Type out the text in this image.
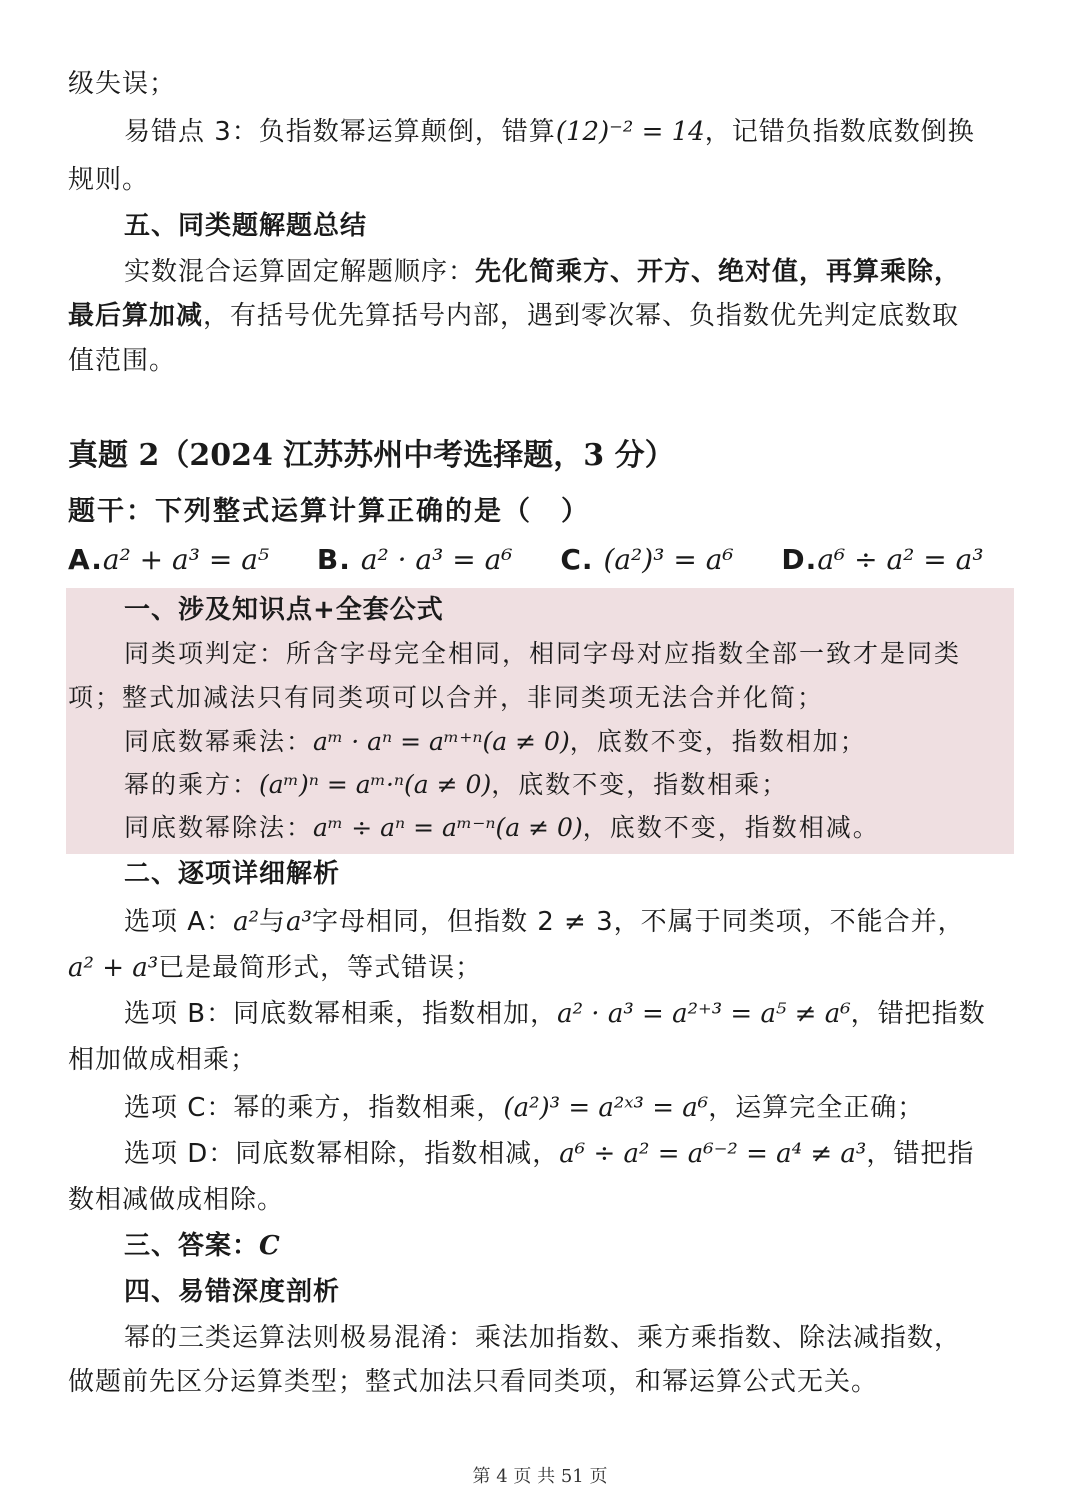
级失误；
易错点 3：负指数幂运算颠倒，错算(12)⁻² = 14，记错负指数底数倒换
规则。
五、同类题解题总结
实数混合运算固定解题顺序：先化简乘方、开方、绝对值，再算乘除，
最后算加减，有括号优先算括号内部，遇到零次幂、负指数优先判定底数取
值范围。
真题 2（2024 江苏苏州中考选择题，3 分）
题干：下列整式运算计算正确的是（　）
A.a² + a³ = a⁵ B. a² · a³ = a⁶ C. (a²)³ = a⁶ D.a⁶ ÷ a² = a³
一、涉及知识点+全套公式
同类项判定：所含字母完全相同，相同字母对应指数全部一致才是同类
项；整式加减法只有同类项可以合并，非同类项无法合并化简；
同底数幂乘法：aᵐ · aⁿ = aᵐ⁺ⁿ(a ≠ 0)，底数不变，指数相加；
幂的乘方：(aᵐ)ⁿ = aᵐ·ⁿ(a ≠ 0)，底数不变，指数相乘；
同底数幂除法：aᵐ ÷ aⁿ = aᵐ⁻ⁿ(a ≠ 0)，底数不变，指数相减。
二、逐项详细解析
选项 A：a²与a³字母相同，但指数 2 ≠ 3，不属于同类项，不能合并，
a² + a³已是最简形式，等式错误；
选项 B：同底数幂相乘，指数相加，a² · a³ = a²⁺³ = a⁵ ≠ a⁶，错把指数
相加做成相乘；
选项 C：幂的乘方，指数相乘，(a²)³ = a²ˣ³ = a⁶，运算完全正确；
选项 D：同底数幂相除，指数相减，a⁶ ÷ a² = a⁶⁻² = a⁴ ≠ a³，错把指
数相减做成相除。
三、答案：C
四、易错深度剖析
幂的三类运算法则极易混淆：乘法加指数、乘方乘指数、除法减指数，
做题前先区分运算类型；整式加法只看同类项，和幂运算公式无关。
第 4 页 共 51 页
